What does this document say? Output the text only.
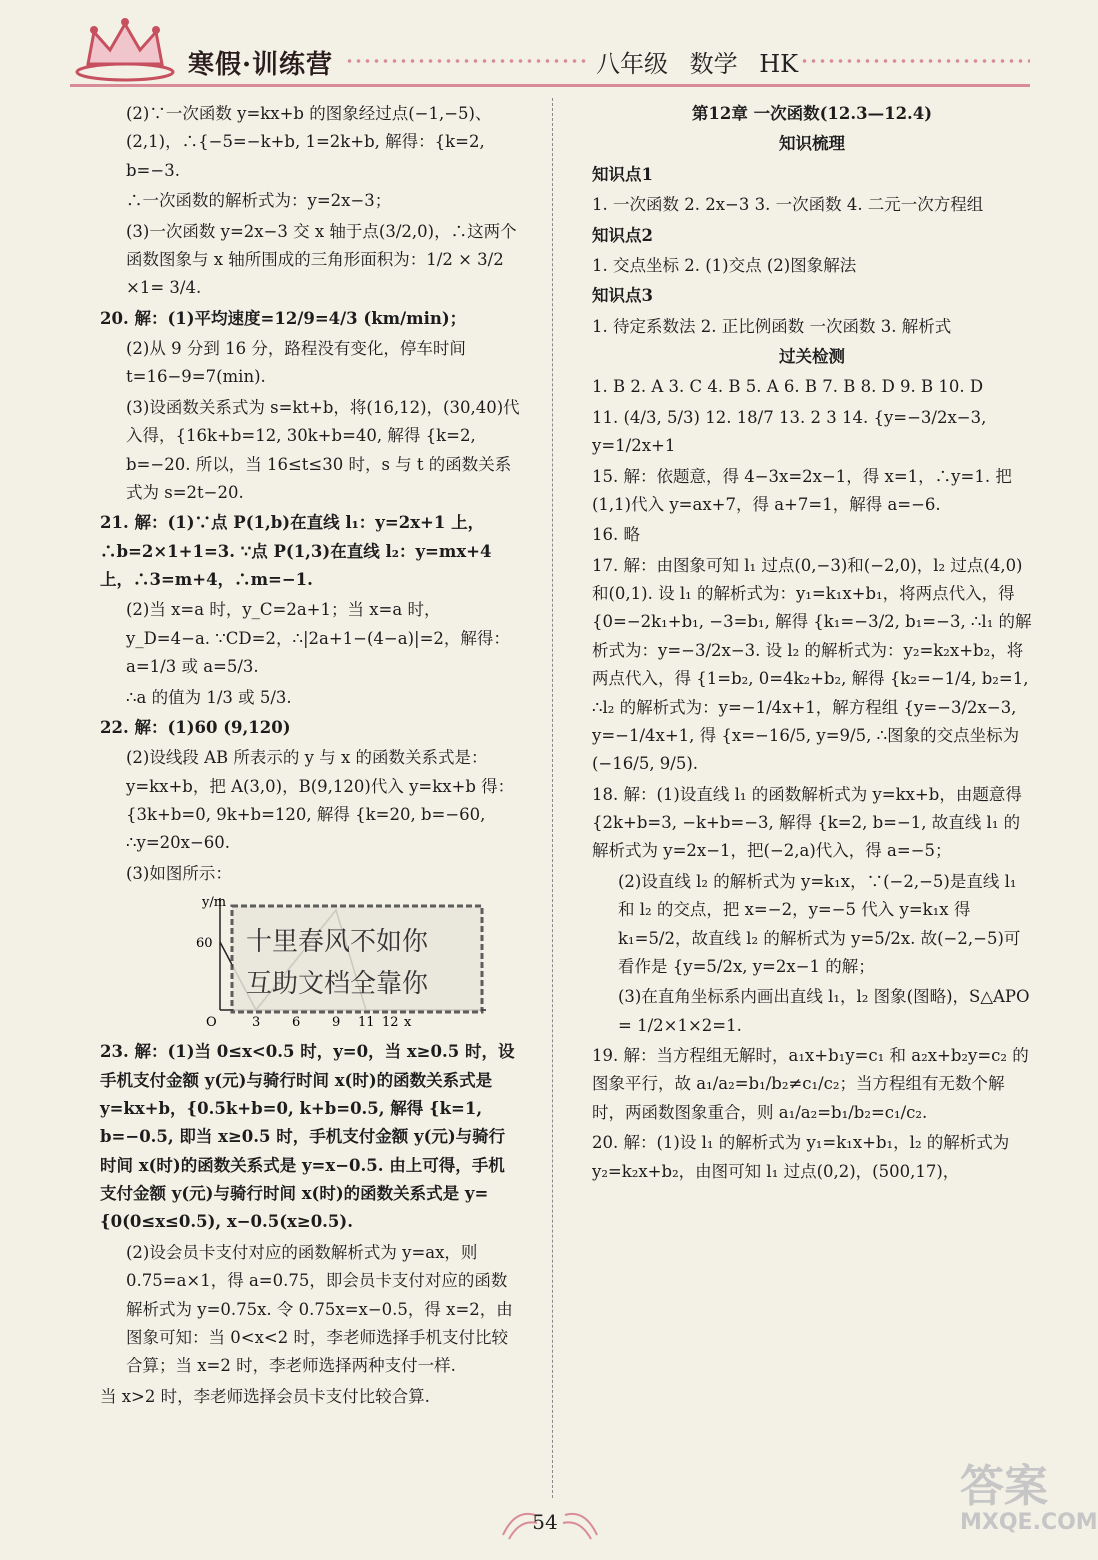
寒假·训练营	八年级 数学 HK

(2)∵一次函数 y=kx+b 的图象经过点(−1,−5)、(2,1)，∴{−5=−k+b, 1=2k+b, 解得：{k=2, b=−3.

∴一次函数的解析式为：y=2x−3；

(3)一次函数 y=2x−3 交 x 轴于点(3/2,0)，∴这两个函数图象与 x 轴所围成的三角形面积为：1/2 × 3/2 ×1= 3/4.

20. 解：(1)平均速度=12/9=4/3 (km/min)；

(2)从 9 分到 16 分，路程没有变化，停车时间 t=16−9=7(min).

(3)设函数关系式为 s=kt+b，将(16,12)，(30,40)代入得，{16k+b=12, 30k+b=40, 解得 {k=2, b=−20. 所以，当 16≤t≤30 时，s 与 t 的函数关系式为 s=2t−20.

21. 解：(1)∵点 P(1,b)在直线 l₁：y=2x+1 上，∴b=2×1+1=3. ∵点 P(1,3)在直线 l₂：y=mx+4 上，∴3=m+4，∴m=−1.

(2)当 x=a 时，y_C=2a+1；当 x=a 时，y_D=4−a. ∵CD=2，∴|2a+1−(4−a)|=2，解得：a=1/3 或 a=5/3.

∴a 的值为 1/3 或 5/3.

22. 解：(1)60 (9,120)

(2)设线段 AB 所表示的 y 与 x 的函数关系式是：y=kx+b，把 A(3,0)，B(9,120)代入 y=kx+b 得：{3k+b=0, 9k+b=120, 解得 {k=20, b=−60, ∴y=20x−60.

(3)如图所示：

y/m
60
O	3 6 9 11 12 x
十里春风不如你
互助文档全靠你

23. 解：(1)当 0≤x<0.5 时，y=0，当 x≥0.5 时，设手机支付金额 y(元)与骑行时间 x(时)的函数关系式是 y=kx+b，{0.5k+b=0, k+b=0.5, 解得 {k=1, b=−0.5, 即当 x≥0.5 时，手机支付金额 y(元)与骑行时间 x(时)的函数关系式是 y=x−0.5. 由上可得，手机支付金额 y(元)与骑行时间 x(时)的函数关系式是 y={0(0≤x≤0.5), x−0.5(x≥0.5).

(2)设会员卡支付对应的函数解析式为 y=ax，则 0.75=a×1，得 a=0.75，即会员卡支付对应的函数解析式为 y=0.75x. 令 0.75x=x−0.5，得 x=2，由图象可知：当 0<x<2 时，李老师选择手机支付比较合算；当 x=2 时，李老师选择两种支付一样.

当 x>2 时，李老师选择会员卡支付比较合算.

第12章 一次函数(12.3—12.4)

知识梳理

知识点1

1. 一次函数 2. 2x−3 3. 一次函数 4. 二元一次方程组

知识点2

1. 交点坐标 2. (1)交点 (2)图象解法

知识点3

1. 待定系数法 2. 正比例函数 一次函数 3. 解析式

过关检测

1. B 2. A 3. C 4. B 5. A 6. B 7. B 8. D 9. B 10. D

11. (4/3, 5/3) 12. 18/7 13. 2 3 14. {y=−3/2x−3, y=1/2x+1

15. 解：依题意，得 4−3x=2x−1，得 x=1，∴y=1. 把(1,1)代入 y=ax+7，得 a+7=1，解得 a=−6.

16. 略

17. 解：由图象可知 l₁ 过点(0,−3)和(−2,0)，l₂ 过点(4,0)和(0,1). 设 l₁ 的解析式为：y₁=k₁x+b₁，将两点代入，得 {0=−2k₁+b₁, −3=b₁, 解得 {k₁=−3/2, b₁=−3, ∴l₁ 的解析式为：y=−3/2x−3. 设 l₂ 的解析式为：y₂=k₂x+b₂，将两点代入，得 {1=b₂, 0=4k₂+b₂, 解得 {k₂=−1/4, b₂=1, ∴l₂ 的解析式为：y=−1/4x+1，解方程组 {y=−3/2x−3, y=−1/4x+1, 得 {x=−16/5, y=9/5, ∴图象的交点坐标为(−16/5, 9/5).

18. 解：(1)设直线 l₁ 的函数解析式为 y=kx+b，由题意得 {2k+b=3, −k+b=−3, 解得 {k=2, b=−1, 故直线 l₁ 的解析式为 y=2x−1，把(−2,a)代入，得 a=−5；

(2)设直线 l₂ 的解析式为 y=k₁x，∵(−2,−5)是直线 l₁ 和 l₂ 的交点，把 x=−2，y=−5 代入 y=k₁x 得 k₁=5/2，故直线 l₂ 的解析式为 y=5/2x. 故(−2,−5)可看作是 {y=5/2x, y=2x−1 的解；

(3)在直角坐标系内画出直线 l₁，l₂ 图象(图略)，S△APO = 1/2×1×2=1.

19. 解：当方程组无解时，a₁x+b₁y=c₁ 和 a₂x+b₂y=c₂ 的图象平行，故 a₁/a₂=b₁/b₂≠c₁/c₂；当方程组有无数个解时，两函数图象重合，则 a₁/a₂=b₁/b₂=c₁/c₂.

20. 解：(1)设 l₁ 的解析式为 y₁=k₁x+b₁，l₂ 的解析式为 y₂=k₂x+b₂，由图可知 l₁ 过点(0,2)，(500,17)，

54
答案
MXQE.COM
